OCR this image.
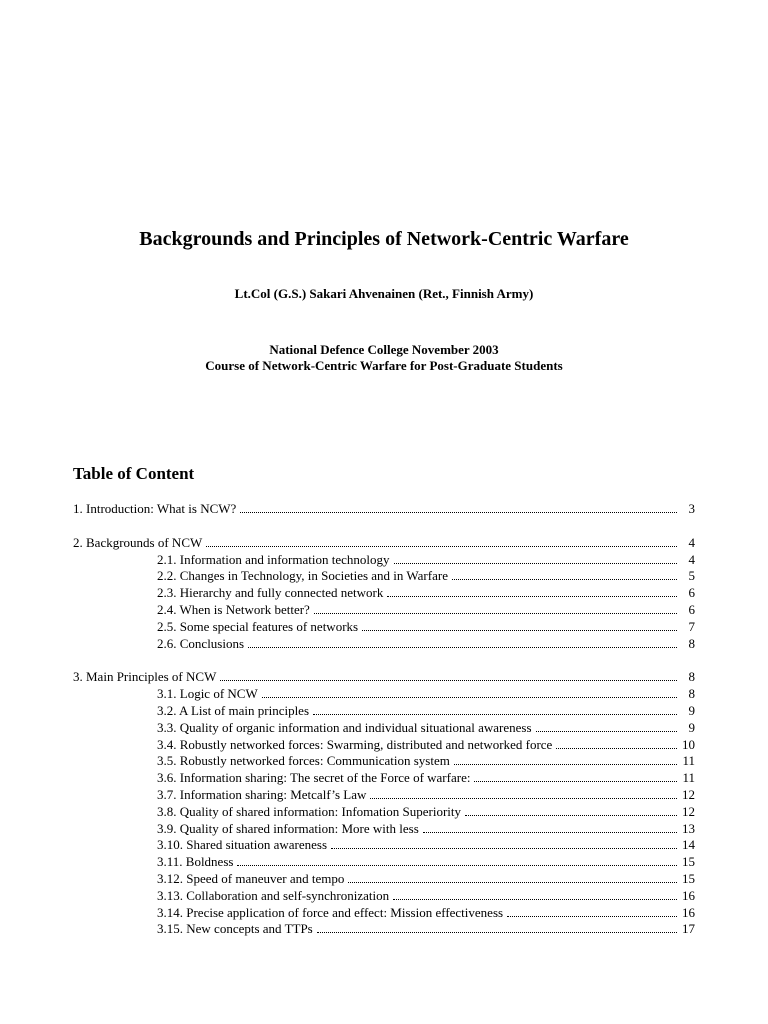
Backgrounds and Principles of Network-Centric Warfare
Lt.Col (G.S.) Sakari Ahvenainen (Ret., Finnish Army)
National Defence College November 2003
Course of Network-Centric Warfare for Post-Graduate Students
Table of Content
1. Introduction: What is NCW?	3
2. Backgrounds of NCW	4
2.1. Information and information technology	4
2.2. Changes in Technology, in Societies and in Warfare	5
2.3. Hierarchy and fully connected network	6
2.4. When is Network better?	6
2.5. Some special features of networks	7
2.6. Conclusions	8
3. Main Principles of NCW	8
3.1. Logic of NCW	8
3.2. A List of main principles	9
3.3. Quality of organic information and individual situational awareness	9
3.4. Robustly networked forces: Swarming, distributed and networked force	10
3.5. Robustly networked forces: Communication system	11
3.6. Information sharing: The secret of the Force of warfare:	11
3.7. Information sharing: Metcalf’s Law	12
3.8. Quality of shared information: Infomation Superiority	12
3.9. Quality of shared information: More with less	13
3.10. Shared situation awareness	14
3.11. Boldness	15
3.12. Speed of maneuver and tempo	15
3.13. Collaboration and self-synchronization	16
3.14. Precise application of force and effect: Mission effectiveness	16
3.15. New concepts and TTPs	17
